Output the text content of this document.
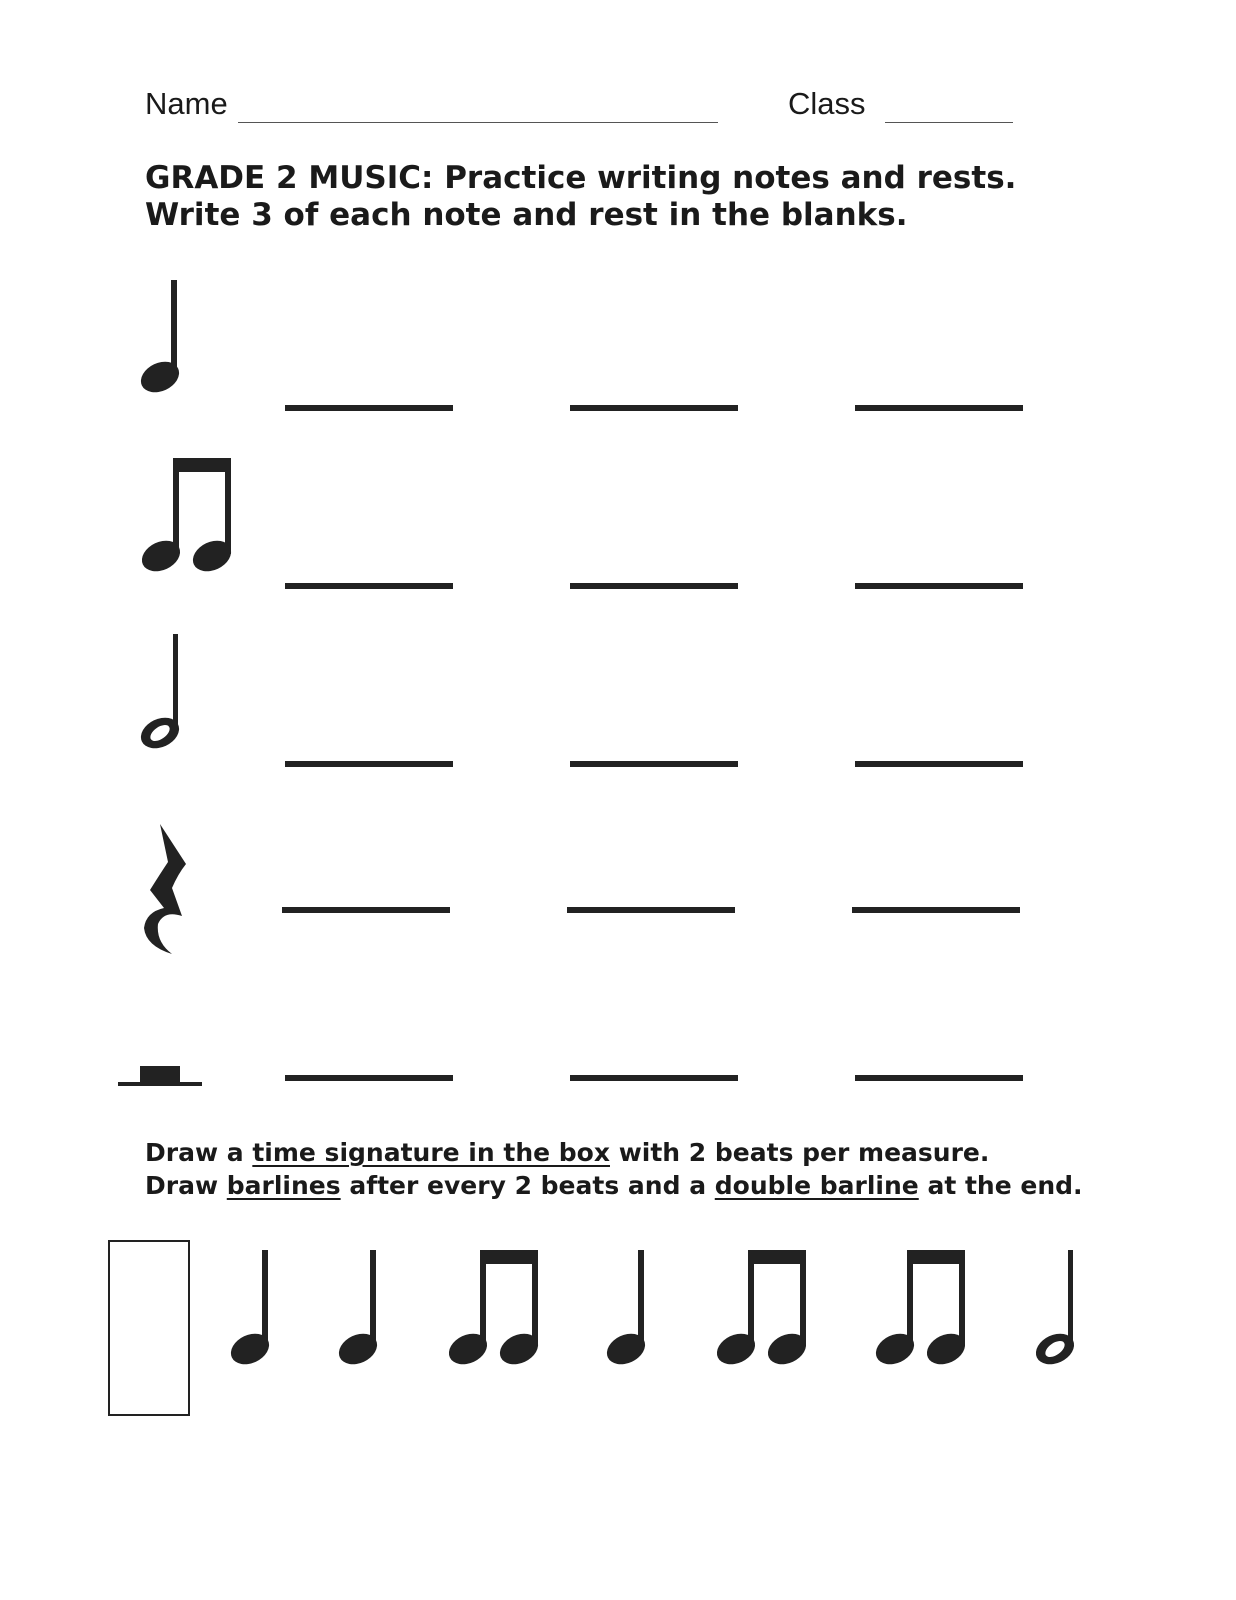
Name	Class
GRADE 2 MUSIC: Practice writing notes and rests.
Write 3 of each note and rest in the blanks.
Draw a time signature in the box with 2 beats per measure.
Draw barlines after every 2 beats and a double barline at the end.
